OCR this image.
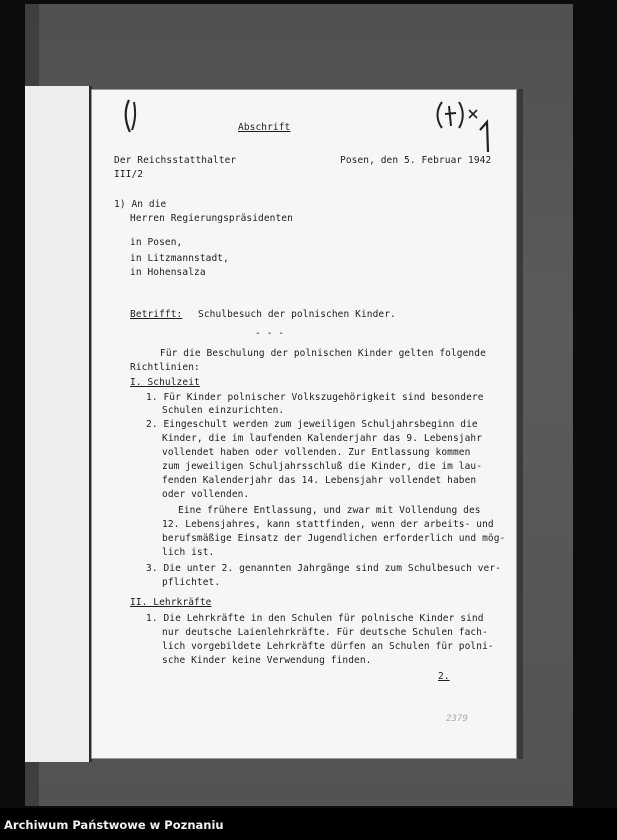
Abschrift
Der Reichsstatthalter	Posen, den 5. Februar 1942
III/2
1) An die
Herren Regierungspräsidenten
in Posen,
in Litzmannstadt,
in Hohensalza
Betrifft: Schulbesuch der polnischen Kinder.
- - -
Für die Beschulung der polnischen Kinder gelten folgende
Richtlinien:
I. Schulzeit
1. Für Kinder polnischer Volkszugehörigkeit sind besondere
Schulen einzurichten.
2. Eingeschult werden zum jeweiligen Schuljahrsbeginn die
Kinder, die im laufenden Kalenderjahr das 9. Lebensjahr
vollendet haben oder vollenden. Zur Entlassung kommen
zum jeweiligen Schuljahrsschluß die Kinder, die im lau-
fenden Kalenderjahr das 14. Lebensjahr vollendet haben
oder vollenden.
Eine frühere Entlassung, und zwar mit Vollendung des
12. Lebensjahres, kann stattfinden, wenn der arbeits- und
berufsmäßige Einsatz der Jugendlichen erforderlich und mög-
lich ist.
3. Die unter 2. genannten Jahrgänge sind zum Schulbesuch ver-
pflichtet.
II. Lehrkräfte
1. Die Lehrkräfte in den Schulen für polnische Kinder sind
nur deutsche Laienlehrkräfte. Für deutsche Schulen fach-
lich vorgebildete Lehrkräfte dürfen an Schulen für polni-
sche Kinder keine Verwendung finden.
2.
2379
Archiwum Państwowe w Poznaniu
